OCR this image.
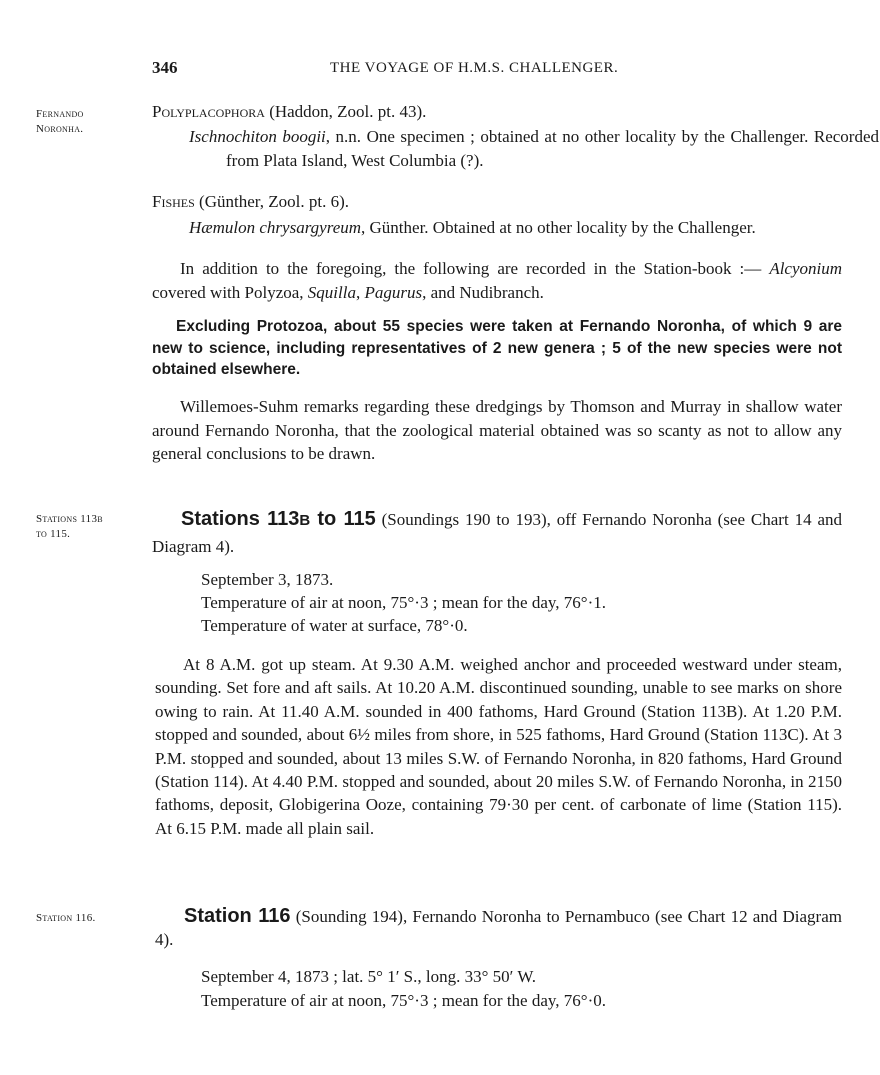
346	THE VOYAGE OF H.M.S. CHALLENGER.
Fernando
Noronha.
Polyplacophora (Haddon, Zool. pt. 43).
Ischnochiton boogii, n.n. One specimen ; obtained at no other locality by the Challenger. Recorded from Plata Island, West Columbia (?).
Fishes (Günther, Zool. pt. 6).
Hæmulon chrysargyreum, Günther. Obtained at no other locality by the Challenger.
In addition to the foregoing, the following are recorded in the Station-book :— Alcyonium covered with Polyzoa, Squilla, Pagurus, and Nudibranch.
Excluding Protozoa, about 55 species were taken at Fernando Noronha, of which 9 are new to science, including representatives of 2 new genera ; 5 of the new species were not obtained elsewhere.
Willemoes-Suhm remarks regarding these dredgings by Thomson and Murray in shallow water around Fernando Noronha, that the zoological material obtained was so scanty as not to allow any general conclusions to be drawn.
Stations 113b
to 115.
Stations 113B to 115 (Soundings 190 to 193), off Fernando Noronha (see Chart 14 and Diagram 4).
September 3, 1873.
Temperature of air at noon, 75°·3 ; mean for the day, 76°·1.
Temperature of water at surface, 78°·0.
At 8 A.M. got up steam. At 9.30 A.M. weighed anchor and proceeded westward under steam, sounding. Set fore and aft sails. At 10.20 A.M. discontinued sounding, unable to see marks on shore owing to rain. At 11.40 A.M. sounded in 400 fathoms, Hard Ground (Station 113B). At 1.20 P.M. stopped and sounded, about 6½ miles from shore, in 525 fathoms, Hard Ground (Station 113C). At 3 P.M. stopped and sounded, about 13 miles S.W. of Fernando Noronha, in 820 fathoms, Hard Ground (Station 114). At 4.40 P.M. stopped and sounded, about 20 miles S.W. of Fernando Noronha, in 2150 fathoms, deposit, Globigerina Ooze, containing 79·30 per cent. of carbonate of lime (Station 115). At 6.15 P.M. made all plain sail.
Station 116.	Station 116 (Sounding 194), Fernando Noronha to Pernambuco (see Chart 12 and Diagram 4).
September 4, 1873 ; lat. 5° 1′ S., long. 33° 50′ W.
Temperature of air at noon, 75°·3 ; mean for the day, 76°·0.
